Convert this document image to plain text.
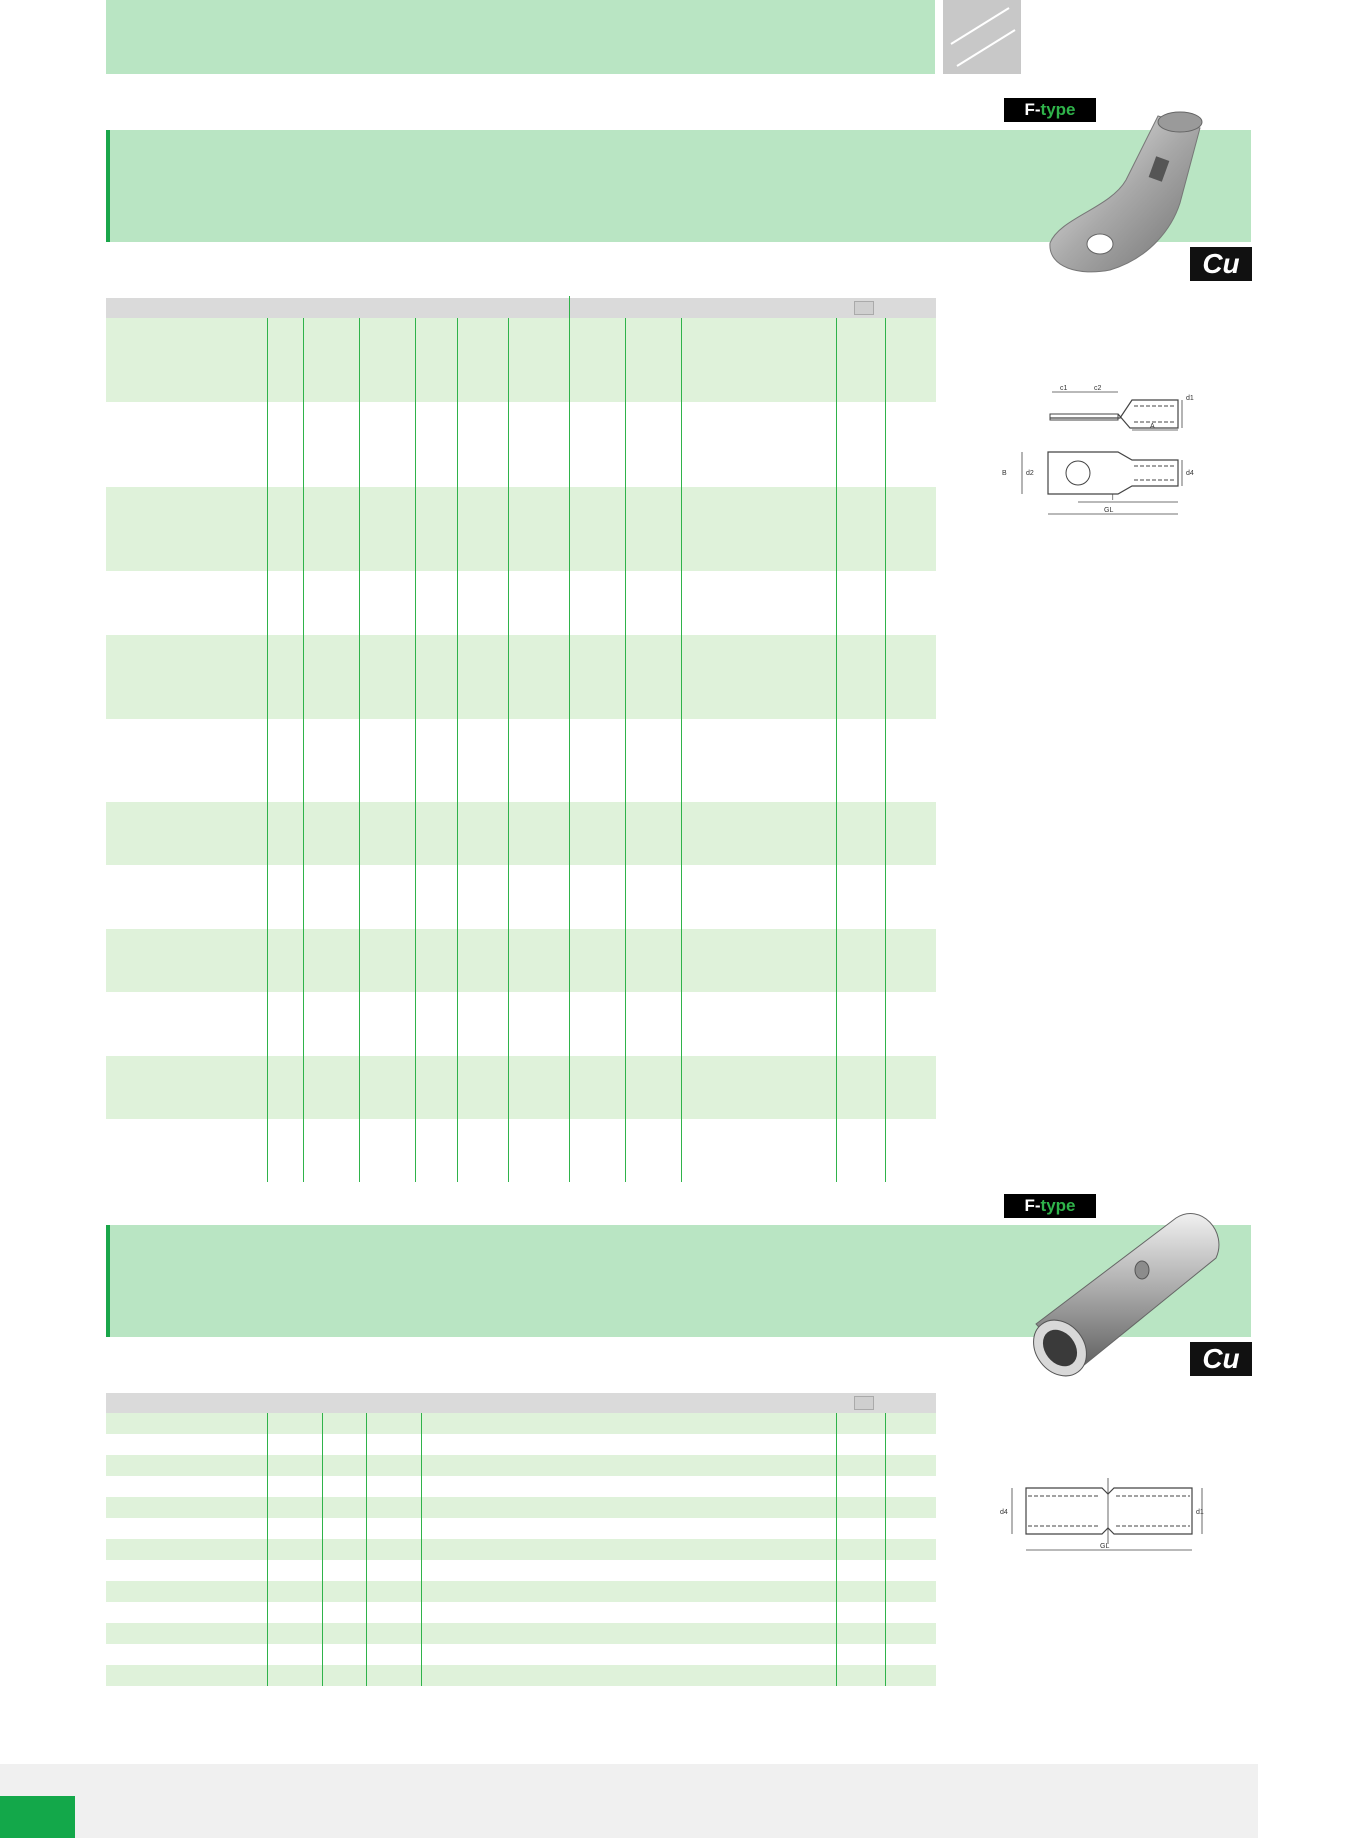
F-type
Cu
c1	c2
d1
A
B	d2	d4
l
GL
F-type
Cu
d4	d1
GL
